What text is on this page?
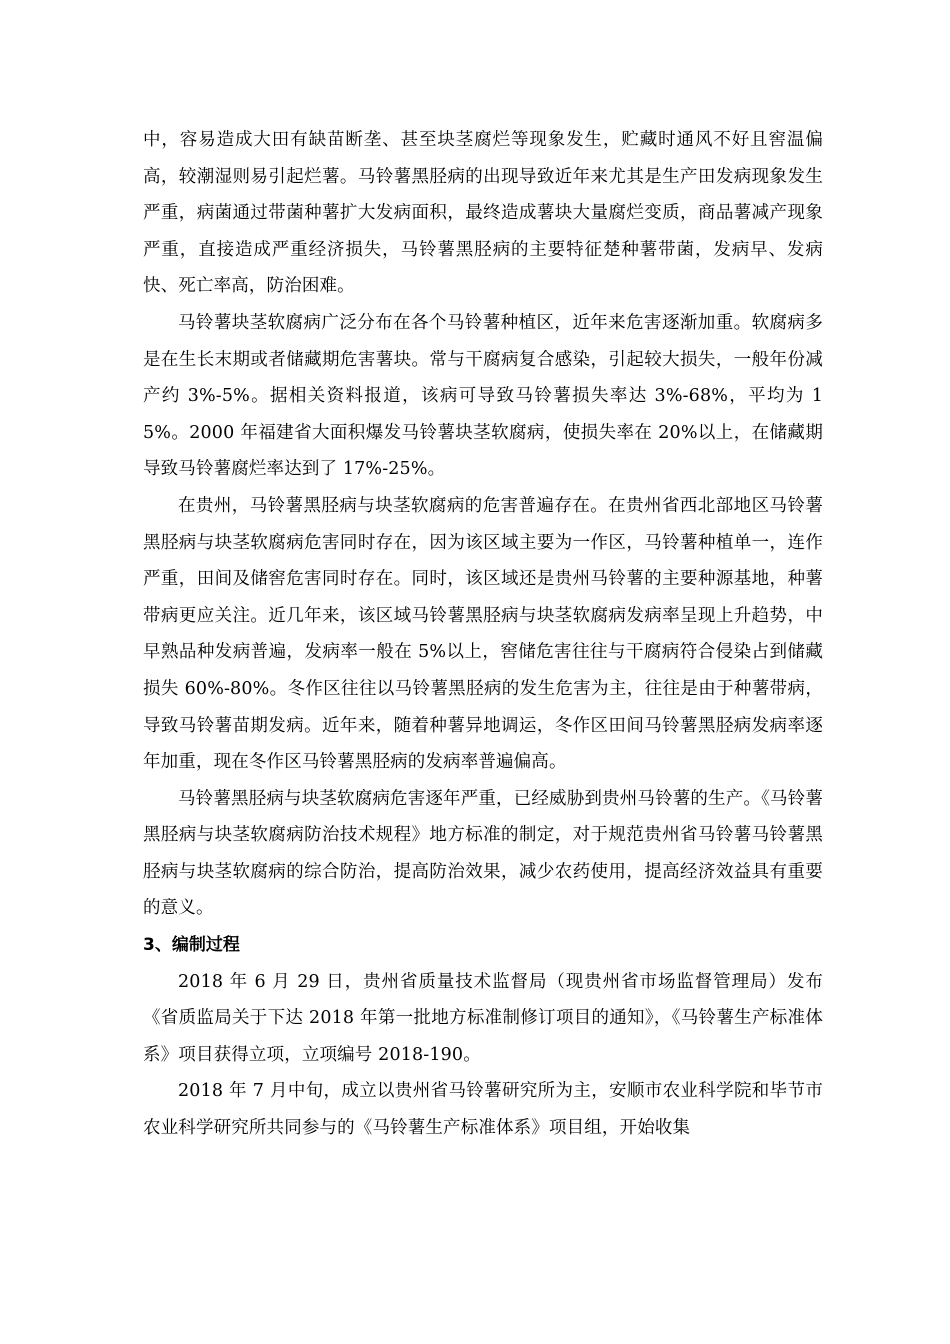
中，容易造成大田有缺苗断垄、甚至块茎腐烂等现象发生，贮藏时通风不好且窖温偏高，较潮湿则易引起烂薯。马铃薯黑胫病的出现导致近年来尤其是生产田发病现象发生严重，病菌通过带菌种薯扩大发病面积，最终造成薯块大量腐烂变质，商品薯减产现象严重，直接造成严重经济损失，马铃薯黑胫病的主要特征楚种薯带菌，发病早、发病快、死亡率高，防治困难。

马铃薯块茎软腐病广泛分布在各个马铃薯种植区，近年来危害逐渐加重。软腐病多是在生长末期或者储藏期危害薯块。常与干腐病复合感染，引起较大损失，一般年份减产约 3%-5%。据相关资料报道，该病可导致马铃薯损失率达 3%-68%，平均为 15%。2000 年福建省大面积爆发马铃薯块茎软腐病，使损失率在 20%以上，在储藏期导致马铃薯腐烂率达到了 17%-25%。

在贵州，马铃薯黑胫病与块茎软腐病的危害普遍存在。在贵州省西北部地区马铃薯黑胫病与块茎软腐病危害同时存在，因为该区域主要为一作区，马铃薯种植单一，连作严重，田间及储窖危害同时存在。同时，该区域还是贵州马铃薯的主要种源基地，种薯带病更应关注。近几年来，该区域马铃薯黑胫病与块茎软腐病发病率呈现上升趋势，中早熟品种发病普遍，发病率一般在 5%以上，窖储危害往往与干腐病符合侵染占到储藏损失 60%-80%。冬作区往往以马铃薯黑胫病的发生危害为主，往往是由于种薯带病，导致马铃薯苗期发病。近年来，随着种薯异地调运，冬作区田间马铃薯黑胫病发病率逐年加重，现在冬作区马铃薯黑胫病的发病率普遍偏高。

马铃薯黑胫病与块茎软腐病危害逐年严重，已经威胁到贵州马铃薯的生产。《马铃薯黑胫病与块茎软腐病防治技术规程》地方标准的制定，对于规范贵州省马铃薯马铃薯黑胫病与块茎软腐病的综合防治，提高防治效果，减少农药使用，提高经济效益具有重要的意义。

3、编制过程

2018 年 6 月 29 日，贵州省质量技术监督局（现贵州省市场监督管理局）发布《省质监局关于下达 2018 年第一批地方标准制修订项目的通知》，《马铃薯生产标准体系》项目获得立项，立项编号 2018-190。

2018 年 7 月中旬，成立以贵州省马铃薯研究所为主，安顺市农业科学院和毕节市农业科学研究所共同参与的《马铃薯生产标准体系》项目组，开始收集
